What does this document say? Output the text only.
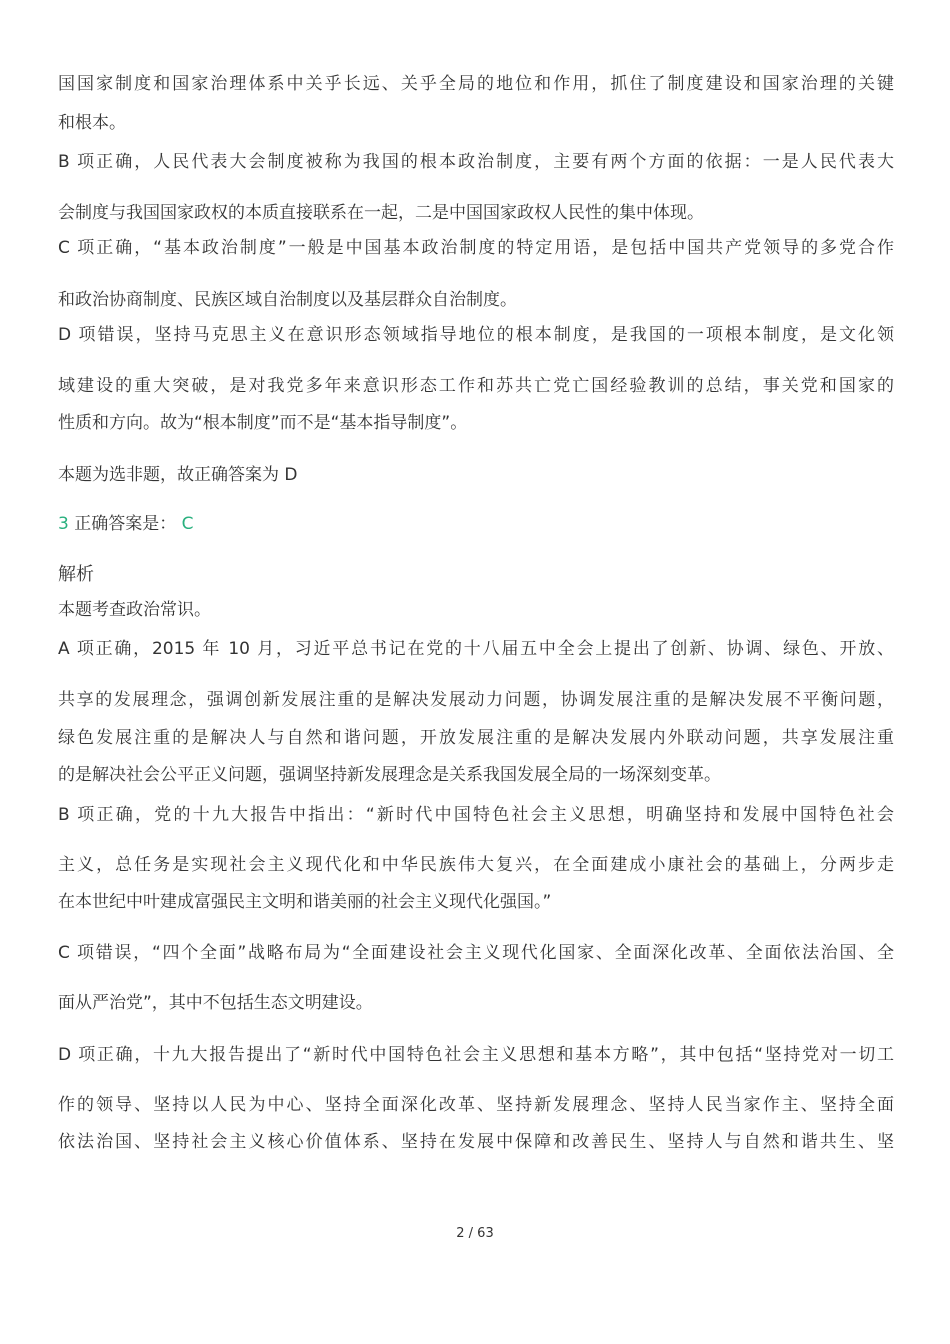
国国家制度和国家治理体系中关乎长远、关乎全局的地位和作用，抓住了制度建设和国家治理的关键
和根本。
B 项正确，人民代表大会制度被称为我国的根本政治制度，主要有两个方面的依据：一是人民代表大
会制度与我国国家政权的本质直接联系在一起，二是中国国家政权人民性的集中体现。
C 项正确，“基本政治制度”一般是中国基本政治制度的特定用语，是包括中国共产党领导的多党合作
和政治协商制度、民族区域自治制度以及基层群众自治制度。
D 项错误，坚持马克思主义在意识形态领域指导地位的根本制度，是我国的一项根本制度，是文化领
域建设的重大突破，是对我党多年来意识形态工作和苏共亡党亡国经验教训的总结，事关党和国家的
性质和方向。故为“根本制度”而不是“基本指导制度”。
本题为选非题，故正确答案为 D
3 正确答案是： C
解析
本题考查政治常识。
A 项正确，2015 年 10 月，习近平总书记在党的十八届五中全会上提出了创新、协调、绿色、开放、
共享的发展理念，强调创新发展注重的是解决发展动力问题，协调发展注重的是解决发展不平衡问题，
绿色发展注重的是解决人与自然和谐问题，开放发展注重的是解决发展内外联动问题，共享发展注重
的是解决社会公平正义问题，强调坚持新发展理念是关系我国发展全局的一场深刻变革。
B 项正确，党的十九大报告中指出：“新时代中国特色社会主义思想，明确坚持和发展中国特色社会
主义，总任务是实现社会主义现代化和中华民族伟大复兴，在全面建成小康社会的基础上，分两步走
在本世纪中叶建成富强民主文明和谐美丽的社会主义现代化强国。”
C 项错误，“四个全面”战略布局为“全面建设社会主义现代化国家、全面深化改革、全面依法治国、全
面从严治党”，其中不包括生态文明建设。
D 项正确，十九大报告提出了“新时代中国特色社会主义思想和基本方略”，其中包括“坚持党对一切工
作的领导、坚持以人民为中心、坚持全面深化改革、坚持新发展理念、坚持人民当家作主、坚持全面
依法治国、坚持社会主义核心价值体系、坚持在发展中保障和改善民生、坚持人与自然和谐共生、坚
2 / 63
